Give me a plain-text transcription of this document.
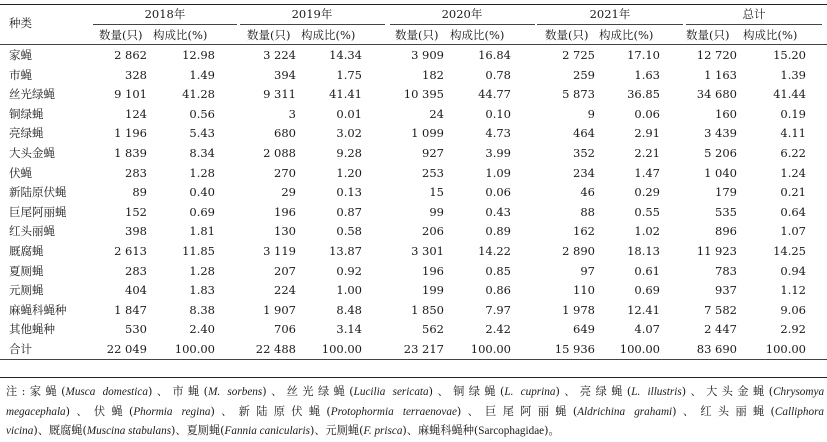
种类
2018年	2019年	2020年	2021年	总计
数量(只) 构成比(%)	数量(只) 构成比(%)	数量(只) 构成比(%)	数量(只) 构成比(%)	数量(只) 构成比(%)
家蝇	2 862	12.98	3 224	14.34	3 909	16.84	2 725	17.10	12 720	15.20
市蝇	328	1.49	394	1.75	182	0.78	259	1.63	1 163	1.39
丝光绿蝇	9 101	41.28	9 311	41.41	10 395	44.77	5 873	36.85	34 680	41.44
铜绿蝇	124	0.56	3	0.01	24	0.10	9	0.06	160	0.19
亮绿蝇	1 196	5.43	680	3.02	1 099	4.73	464	2.91	3 439	4.11
大头金蝇	1 839	8.34	2 088	9.28	927	3.99	352	2.21	5 206	6.22
伏蝇	283	1.28	270	1.20	253	1.09	234	1.47	1 040	1.24
新陆原伏蝇	89	0.40	29	0.13	15	0.06	46	0.29	179	0.21
巨尾阿丽蝇	152	0.69	196	0.87	99	0.43	88	0.55	535	0.64
红头丽蝇	398	1.81	130	0.58	206	0.89	162	1.02	896	1.07
厩腐蝇	2 613	11.85	3 119	13.87	3 301	14.22	2 890	18.13	11 923	14.25
夏厕蝇	283	1.28	207	0.92	196	0.85	97	0.61	783	0.94
元厕蝇	404	1.83	224	1.00	199	0.86	110	0.69	937	1.12
麻蝇科蝇种	1 847	8.38	1 907	8.48	1 850	7.97	1 978	12.41	7 582	9.06
其他蝇种	530	2.40	706	3.14	562	2.42	649	4.07	2 447	2.92
合计	22 049	100.00	22 488	100.00	23 217	100.00	15 936	100.00	83 690	100.00
注:家蝇(Musca domestica)、市蝇(M. sorbens)、丝光绿蝇(Lucilia sericata)、铜绿蝇(L. cuprina)、亮绿蝇(L. illustris)、大头金蝇(Chrysomya
megacephala)、伏蝇(Phormia regina)、新陆原伏蝇(Protophormia terraenovae)、巨尾阿丽蝇(Aldrichina grahami)、红头丽蝇(Calliphora
vicina)、厩腐蝇(Muscina stabulans)、夏厕蝇(Fannia canicularis)、元厕蝇(F. prisca)、麻蝇科蝇种(Sarcophagidae)。
